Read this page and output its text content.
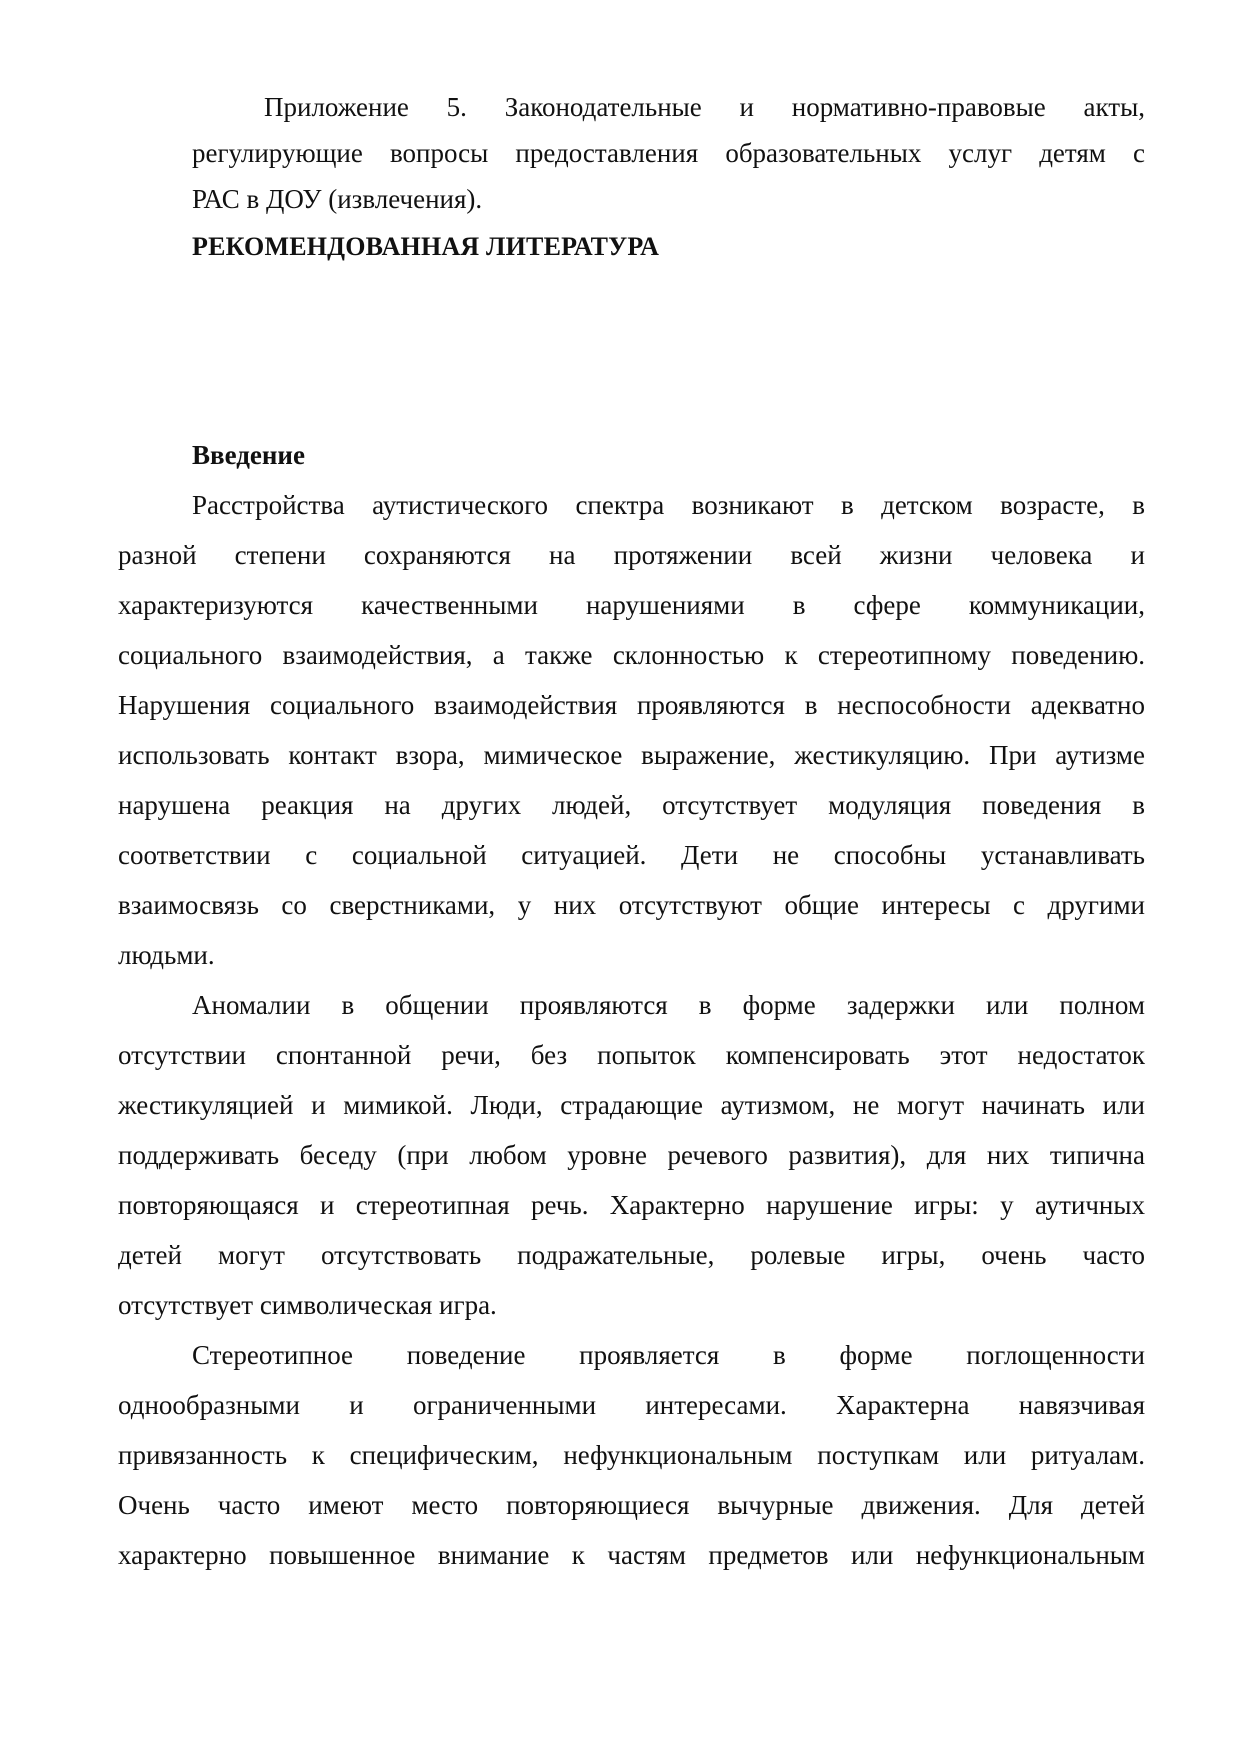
Приложение 5. Законодательные и нормативно-правовые акты,
регулирующие вопросы предоставления образовательных услуг детям с
РАС в ДОУ (извлечения).
РЕКОМЕНДОВАННАЯ ЛИТЕРАТУРА
Введение
Расстройства аутистического спектра возникают в детском возрасте, в
разной степени сохраняются на протяжении всей жизни человека и
характеризуются качественными нарушениями в сфере коммуникации,
социального взаимодействия, а также склонностью к стереотипному поведению.
Нарушения социального взаимодействия проявляются в неспособности адекватно
использовать контакт взора, мимическое выражение, жестикуляцию. При аутизме
нарушена реакция на других людей, отсутствует модуляция поведения в
соответствии с социальной ситуацией. Дети не способны устанавливать
взаимосвязь со сверстниками, у них отсутствуют общие интересы с другими
людьми.
Аномалии в общении проявляются в форме задержки или полном
отсутствии спонтанной речи, без попыток компенсировать этот недостаток
жестикуляцией и мимикой. Люди, страдающие аутизмом, не могут начинать или
поддерживать беседу (при любом уровне речевого развития), для них типична
повторяющаяся и стереотипная речь. Характерно нарушение игры: у аутичных
детей могут отсутствовать подражательные, ролевые игры, очень часто
отсутствует символическая игра.
Стереотипное поведение проявляется в форме поглощенности
однообразными и ограниченными интересами. Характерна навязчивая
привязанность к специфическим, нефункциональным поступкам или ритуалам.
Очень часто имеют место повторяющиеся вычурные движения. Для детей
характерно повышенное внимание к частям предметов или нефункциональным
